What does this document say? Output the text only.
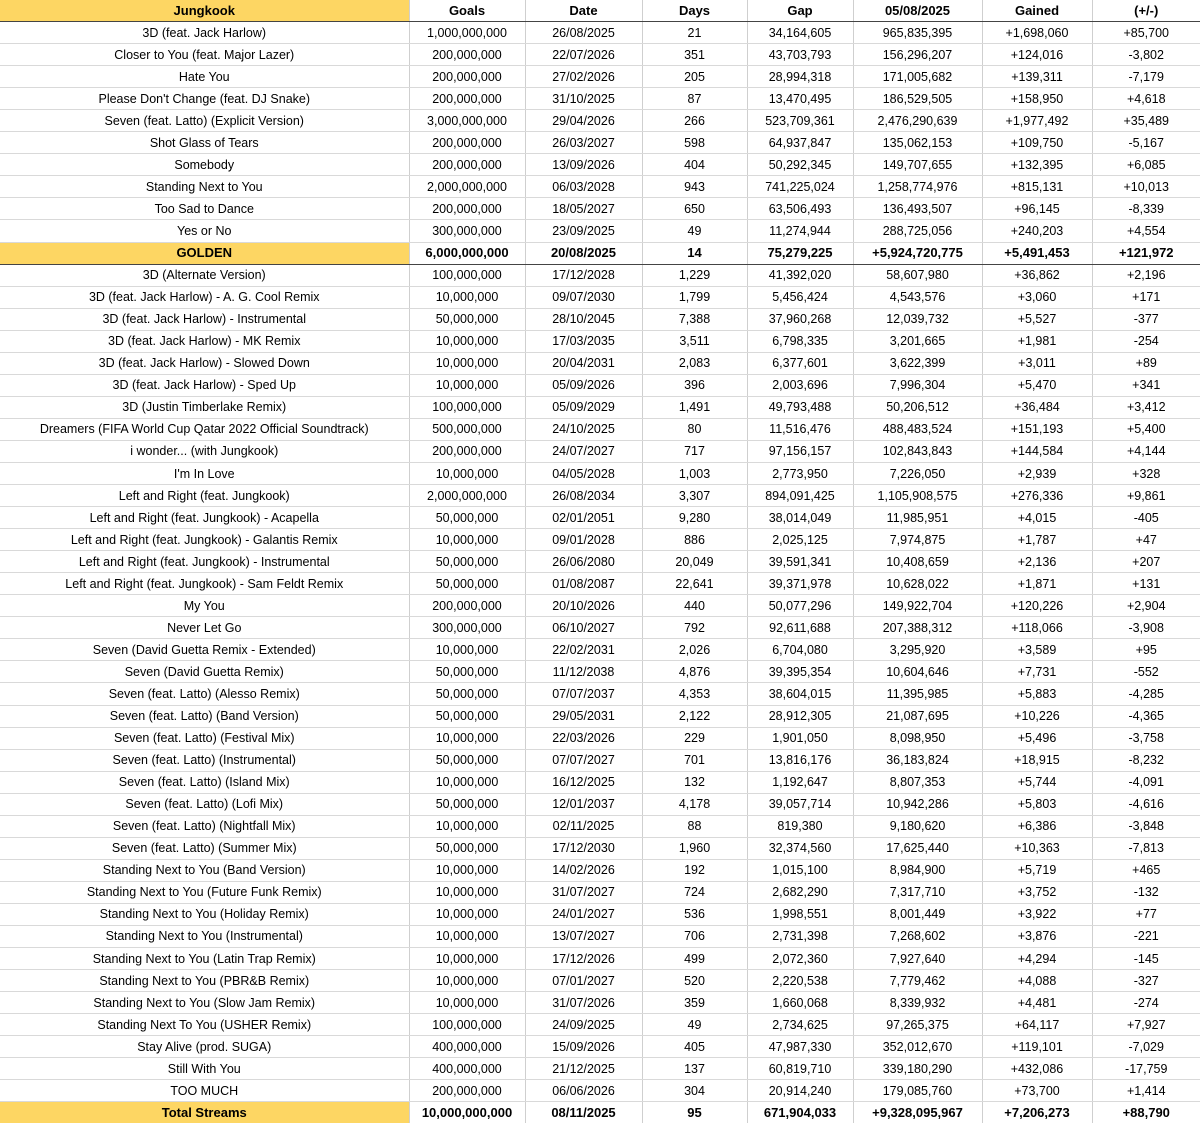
Jungkook	Goals	Date	Days	Gap	05/08/2025	Gained	(+/-)
3D (feat. Jack Harlow)	1,000,000,000	26/08/2025	21	34,164,605	965,835,395	+1,698,060	+85,700
Closer to You (feat. Major Lazer)	200,000,000	22/07/2026	351	43,703,793	156,296,207	+124,016	-3,802
Hate You	200,000,000	27/02/2026	205	28,994,318	171,005,682	+139,311	-7,179
Please Don't Change (feat. DJ Snake)	200,000,000	31/10/2025	87	13,470,495	186,529,505	+158,950	+4,618
Seven (feat. Latto) (Explicit Version)	3,000,000,000	29/04/2026	266	523,709,361	2,476,290,639	+1,977,492	+35,489
Shot Glass of Tears	200,000,000	26/03/2027	598	64,937,847	135,062,153	+109,750	-5,167
Somebody	200,000,000	13/09/2026	404	50,292,345	149,707,655	+132,395	+6,085
Standing Next to You	2,000,000,000	06/03/2028	943	741,225,024	1,258,774,976	+815,131	+10,013
Too Sad to Dance	200,000,000	18/05/2027	650	63,506,493	136,493,507	+96,145	-8,339
Yes or No	300,000,000	23/09/2025	49	11,274,944	288,725,056	+240,203	+4,554
GOLDEN	6,000,000,000	20/08/2025	14	75,279,225	+5,924,720,775	+5,491,453	+121,972
3D (Alternate Version)	100,000,000	17/12/2028	1,229	41,392,020	58,607,980	+36,862	+2,196
3D (feat. Jack Harlow) - A. G. Cool Remix	10,000,000	09/07/2030	1,799	5,456,424	4,543,576	+3,060	+171
3D (feat. Jack Harlow) - Instrumental	50,000,000	28/10/2045	7,388	37,960,268	12,039,732	+5,527	-377
3D (feat. Jack Harlow) - MK Remix	10,000,000	17/03/2035	3,511	6,798,335	3,201,665	+1,981	-254
3D (feat. Jack Harlow) - Slowed Down	10,000,000	20/04/2031	2,083	6,377,601	3,622,399	+3,011	+89
3D (feat. Jack Harlow) - Sped Up	10,000,000	05/09/2026	396	2,003,696	7,996,304	+5,470	+341
3D (Justin Timberlake Remix)	100,000,000	05/09/2029	1,491	49,793,488	50,206,512	+36,484	+3,412
Dreamers (FIFA World Cup Qatar 2022 Official Soundtrack)	500,000,000	24/10/2025	80	11,516,476	488,483,524	+151,193	+5,400
i wonder... (with Jungkook)	200,000,000	24/07/2027	717	97,156,157	102,843,843	+144,584	+4,144
I'm In Love	10,000,000	04/05/2028	1,003	2,773,950	7,226,050	+2,939	+328
Left and Right (feat. Jungkook)	2,000,000,000	26/08/2034	3,307	894,091,425	1,105,908,575	+276,336	+9,861
Left and Right (feat. Jungkook) - Acapella	50,000,000	02/01/2051	9,280	38,014,049	11,985,951	+4,015	-405
Left and Right (feat. Jungkook) - Galantis Remix	10,000,000	09/01/2028	886	2,025,125	7,974,875	+1,787	+47
Left and Right (feat. Jungkook) - Instrumental	50,000,000	26/06/2080	20,049	39,591,341	10,408,659	+2,136	+207
Left and Right (feat. Jungkook) - Sam Feldt Remix	50,000,000	01/08/2087	22,641	39,371,978	10,628,022	+1,871	+131
My You	200,000,000	20/10/2026	440	50,077,296	149,922,704	+120,226	+2,904
Never Let Go	300,000,000	06/10/2027	792	92,611,688	207,388,312	+118,066	-3,908
Seven (David Guetta Remix - Extended)	10,000,000	22/02/2031	2,026	6,704,080	3,295,920	+3,589	+95
Seven (David Guetta Remix)	50,000,000	11/12/2038	4,876	39,395,354	10,604,646	+7,731	-552
Seven (feat. Latto) (Alesso Remix)	50,000,000	07/07/2037	4,353	38,604,015	11,395,985	+5,883	-4,285
Seven (feat. Latto) (Band Version)	50,000,000	29/05/2031	2,122	28,912,305	21,087,695	+10,226	-4,365
Seven (feat. Latto) (Festival Mix)	10,000,000	22/03/2026	229	1,901,050	8,098,950	+5,496	-3,758
Seven (feat. Latto) (Instrumental)	50,000,000	07/07/2027	701	13,816,176	36,183,824	+18,915	-8,232
Seven (feat. Latto) (Island Mix)	10,000,000	16/12/2025	132	1,192,647	8,807,353	+5,744	-4,091
Seven (feat. Latto) (Lofi Mix)	50,000,000	12/01/2037	4,178	39,057,714	10,942,286	+5,803	-4,616
Seven (feat. Latto) (Nightfall Mix)	10,000,000	02/11/2025	88	819,380	9,180,620	+6,386	-3,848
Seven (feat. Latto) (Summer Mix)	50,000,000	17/12/2030	1,960	32,374,560	17,625,440	+10,363	-7,813
Standing Next to You (Band Version)	10,000,000	14/02/2026	192	1,015,100	8,984,900	+5,719	+465
Standing Next to You (Future Funk Remix)	10,000,000	31/07/2027	724	2,682,290	7,317,710	+3,752	-132
Standing Next to You (Holiday Remix)	10,000,000	24/01/2027	536	1,998,551	8,001,449	+3,922	+77
Standing Next to You (Instrumental)	10,000,000	13/07/2027	706	2,731,398	7,268,602	+3,876	-221
Standing Next to You (Latin Trap Remix)	10,000,000	17/12/2026	499	2,072,360	7,927,640	+4,294	-145
Standing Next to You (PBR&B Remix)	10,000,000	07/01/2027	520	2,220,538	7,779,462	+4,088	-327
Standing Next to You (Slow Jam Remix)	10,000,000	31/07/2026	359	1,660,068	8,339,932	+4,481	-274
Standing Next To You (USHER Remix)	100,000,000	24/09/2025	49	2,734,625	97,265,375	+64,117	+7,927
Stay Alive (prod. SUGA)	400,000,000	15/09/2026	405	47,987,330	352,012,670	+119,101	-7,029
Still With You	400,000,000	21/12/2025	137	60,819,710	339,180,290	+432,086	-17,759
TOO MUCH	200,000,000	06/06/2026	304	20,914,240	179,085,760	+73,700	+1,414
Total Streams	10,000,000,000	08/11/2025	95	671,904,033	+9,328,095,967	+7,206,273	+88,790
